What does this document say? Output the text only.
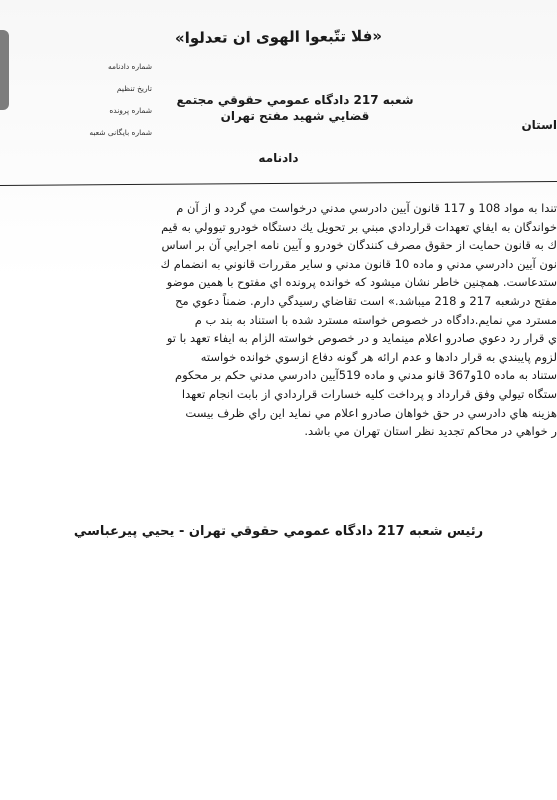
«فلا تتّبعوا الهوی ان تعدلوا»
شماره دادنامه
تاریخ تنظیم
شماره پرونده
شماره بایگانی شعبه
شعبه 217 دادگاه عمومي حقوقي مجتمع
قضايي شهيد مفتح تهران
استان
دادنامه
تندا به مواد 108 و 117 قانون آیین دادرسي مدني درخواست مي گردد و از آن م
خواندگان به ایفاي تعهدات قراردادي مبني بر تحويل يك دستگاه خودرو تيوولي به قيم
ك به قانون حمايت از حقوق مصرف كنندگان خودرو و آيين نامه اجرايي آن بر اساس
نون آيين دادرسي مدني و ماده 10 قانون مدني و ساير مقررات قانوني به انضمام ك
ستدعاست. همچنين خاطر نشان ميشود كه خوانده پرونده اي مفتوح با همين موضو
مفتح درشعبه 217 و 218 ميباشد.» است تقاضاي رسيدگي دارم. ضمناً دعوي مح
مسترد مي نمايم.دادگاه در خصوص خواسته مسترد شده با استناد به بند ب م
ي قرار رد دعوي صادرو اعلام مينمايد و در خصوص خواسته الزام به ايفاء تعهد با تو
لزوم پايبندي به قرار دادها و عدم ارائه هر گونه دفاع ازسوي خوانده خواسته
ستناد به ماده 10و367 قانو مدني و ماده 519آيين دادرسي مدني حكم بر محكوم
ستگاه تيولي وفق قرارداد و پرداخت كليه خسارات قراردادي از بابت انجام تعهدا
هزينه هاي دادرسي در حق خواهان صادرو اعلام مي نمايد اين راي ظرف بيست
ر خواهي در محاكم تجديد نظر استان تهران مي باشد.
رئيس شعبه 217 دادگاه عمومي حقوقي تهران - يحيي پيرعباسي
